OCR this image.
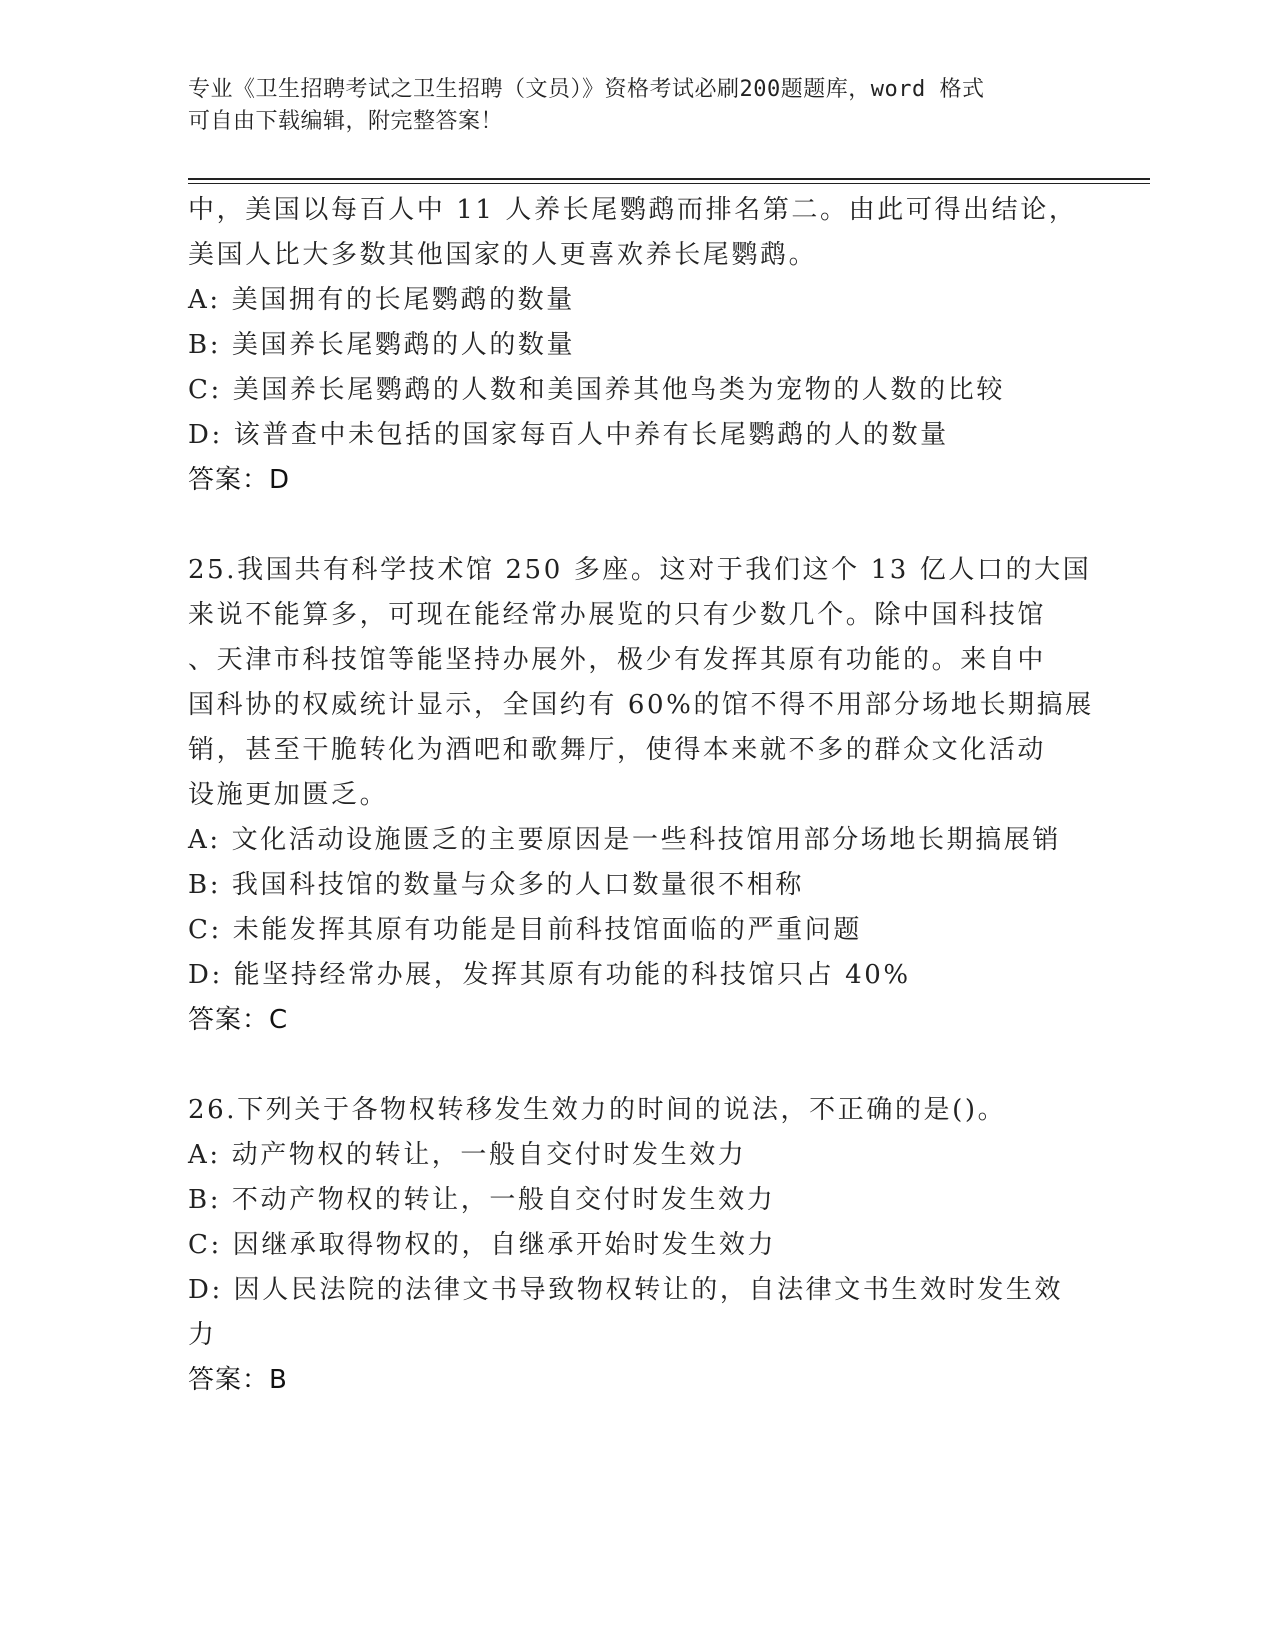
专业《卫生招聘考试之卫生招聘（文员）》资格考试必刷200题题库，word 格式
可自由下载编辑，附完整答案！
中，美国以每百人中 11 人养长尾鹦鹉而排名第二。由此可得出结论，
美国人比大多数其他国家的人更喜欢养长尾鹦鹉。
A: 美国拥有的长尾鹦鹉的数量
B: 美国养长尾鹦鹉的人的数量
C: 美国养长尾鹦鹉的人数和美国养其他鸟类为宠物的人数的比较
D: 该普查中未包括的国家每百人中养有长尾鹦鹉的人的数量
答案：D
25.我国共有科学技术馆 250 多座。这对于我们这个 13 亿人口的大国
来说不能算多，可现在能经常办展览的只有少数几个。除中国科技馆
、天津市科技馆等能坚持办展外，极少有发挥其原有功能的。来自中
国科协的权威统计显示，全国约有 60%的馆不得不用部分场地长期搞展
销，甚至干脆转化为酒吧和歌舞厅，使得本来就不多的群众文化活动
设施更加匮乏。
A: 文化活动设施匮乏的主要原因是一些科技馆用部分场地长期搞展销
B: 我国科技馆的数量与众多的人口数量很不相称
C: 未能发挥其原有功能是目前科技馆面临的严重问题
D: 能坚持经常办展，发挥其原有功能的科技馆只占 40%
答案：C
26.下列关于各物权转移发生效力的时间的说法，不正确的是()。
A: 动产物权的转让，一般自交付时发生效力
B: 不动产物权的转让，一般自交付时发生效力
C: 因继承取得物权的，自继承开始时发生效力
D: 因人民法院的法律文书导致物权转让的，自法律文书生效时发生效
力
答案：B
